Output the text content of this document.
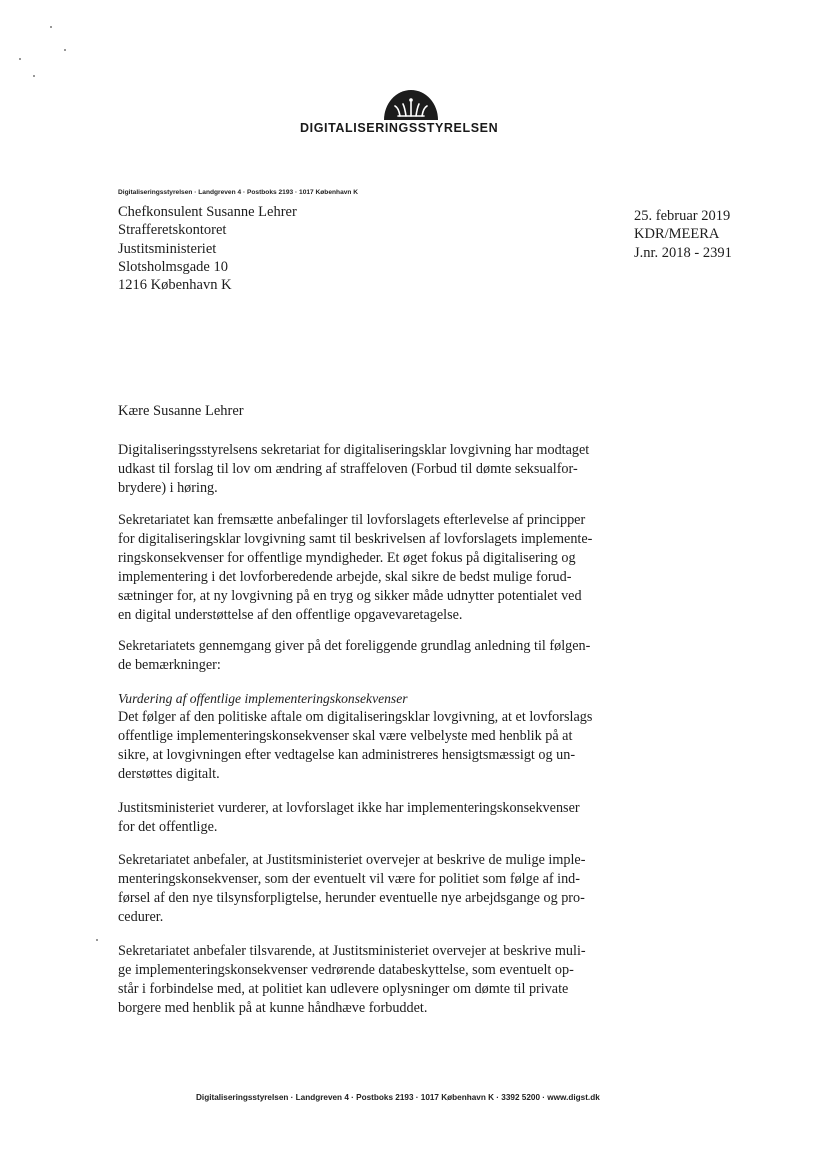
DIGITALISERINGSSTYRELSEN
Digitaliseringsstyrelsen · Landgreven 4 · Postboks 2193 · 1017 København K
Chefkonsulent Susanne Lehrer
Strafferetskontoret
Justitsministeriet
Slotsholmsgade 10
1216 København K
25. februar 2019
KDR/MEERA
J.nr. 2018 - 2391
Kære Susanne Lehrer
Digitaliseringsstyrelsens sekretariat for digitaliseringsklar lovgivning har modtaget
udkast til forslag til lov om ændring af straffeloven (Forbud til dømte seksualfor-
brydere) i høring.
Sekretariatet kan fremsætte anbefalinger til lovforslagets efterlevelse af principper
for digitaliseringsklar lovgivning samt til beskrivelsen af lovforslagets implemente-
ringskonsekvenser for offentlige myndigheder. Et øget fokus på digitalisering og
implementering i det lovforberedende arbejde, skal sikre de bedst mulige forud-
sætninger for, at ny lovgivning på en tryg og sikker måde udnytter potentialet ved
en digital understøttelse af den offentlige opgavevaretagelse.
Sekretariatets gennemgang giver på det foreliggende grundlag anledning til følgen-
de bemærkninger:
Vurdering af offentlige implementeringskonsekvenser
Det følger af den politiske aftale om digitaliseringsklar lovgivning, at et lovforslags
offentlige implementeringskonsekvenser skal være velbelyste med henblik på at
sikre, at lovgivningen efter vedtagelse kan administreres hensigtsmæssigt og un-
derstøttes digitalt.
Justitsministeriet vurderer, at lovforslaget ikke har implementeringskonsekvenser
for det offentlige.
Sekretariatet anbefaler, at Justitsministeriet overvejer at beskrive de mulige imple-
menteringskonsekvenser, som der eventuelt vil være for politiet som følge af ind-
førsel af den nye tilsynsforpligtelse, herunder eventuelle nye arbejdsgange og pro-
cedurer.
Sekretariatet anbefaler tilsvarende, at Justitsministeriet overvejer at beskrive muli-
ge implementeringskonsekvenser vedrørende databeskyttelse, som eventuelt op-
står i forbindelse med, at politiet kan udlevere oplysninger om dømte til private
borgere med henblik på at kunne håndhæve forbuddet.
Digitaliseringsstyrelsen · Landgreven 4 · Postboks 2193 · 1017 København K · 3392 5200 · www.digst.dk
